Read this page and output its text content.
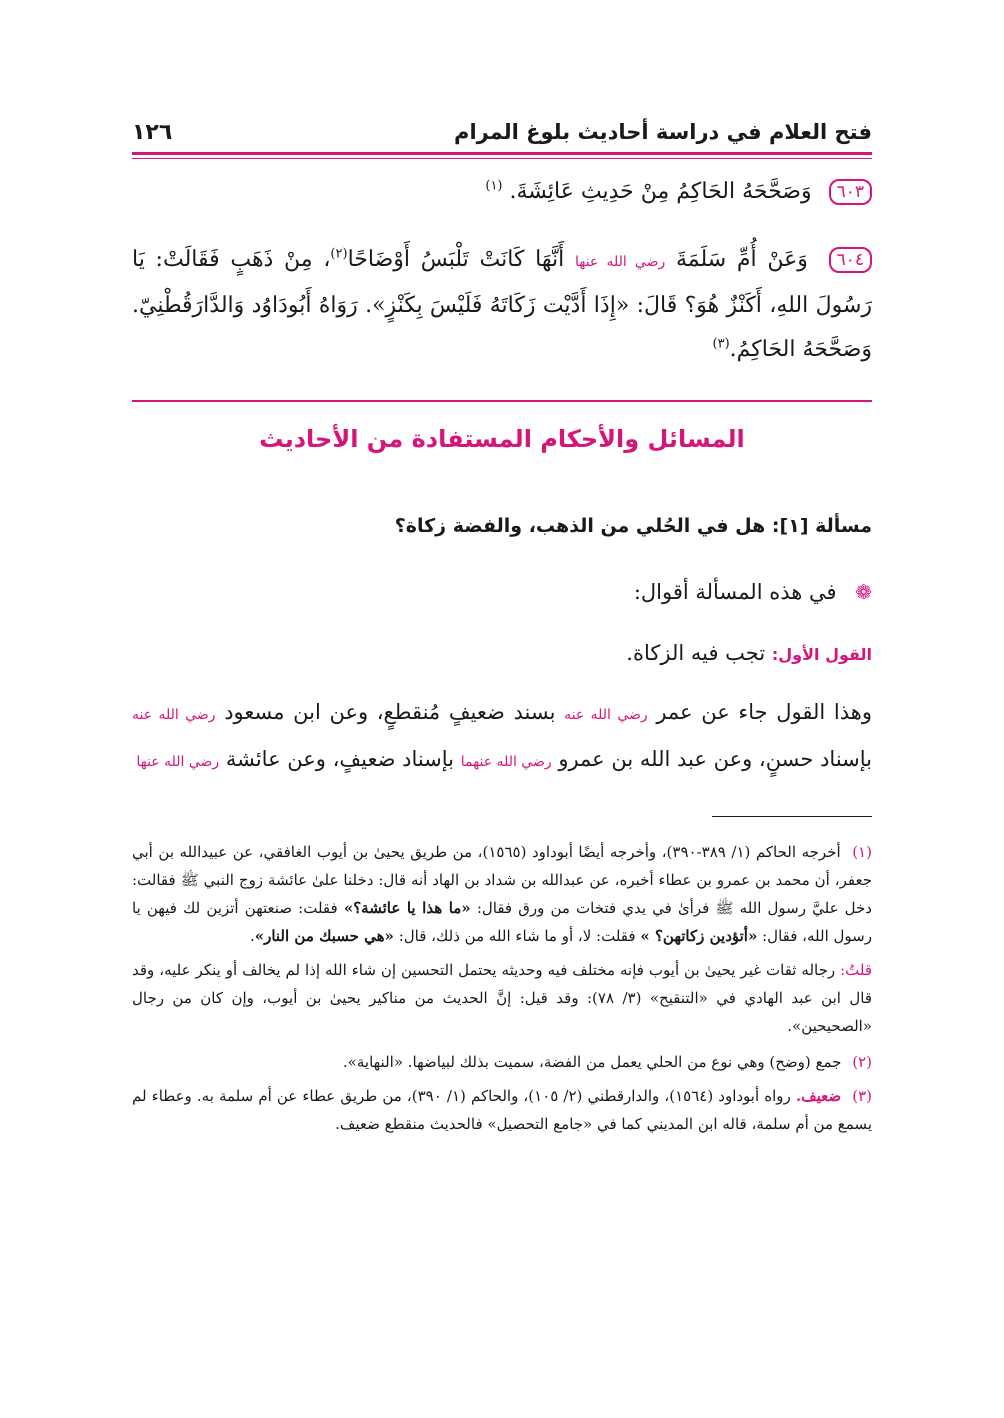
فتح العلام في دراسة أحاديث بلوغ المرام
١٢٦
٦٠٣ وَصَحَّحَهُ الحَاكِمُ مِنْ حَدِيثِ عَائِشَةَ. $^{(١)}$
٦٠٤ وَعَنْ أُمِّ سَلَمَةَ رضي الله عنها أَنَّهَا كَانَتْ تَلْبَسُ أَوْضَاحًا$^{(٢)}$، مِنْ ذَهَبٍ فَقَالَتْ: يَا رَسُولَ اللهِ، أَكَنْزٌ هُوَ؟ قَالَ: «إِذَا أَدَّيْت زَكَاتَهُ فَلَيْسَ بِكَنْزٍ». رَوَاهُ أَبُودَاوُد وَالدَّارَقُطْنِيّ. وَصَحَّحَهُ الحَاكِمُ.$^{(٣)}$
المسائل والأحكام المستفادة من الأحاديث
مسألة [١]: هل في الحُلي من الذهب، والفضة زكاة؟
❁ في هذه المسألة أقوال:
القول الأول: تجب فيه الزكاة.
وهذا القول جاء عن عمر رضي الله عنه بسند ضعيفٍ مُنقطعٍ، وعن ابن مسعود رضي الله عنه بإسناد حسنٍ، وعن عبد الله بن عمرو رضي الله عنهما بإسناد ضعيفٍ، وعن عائشة رضي الله عنها
(١) أخرجه الحاكم (١/ ٣٨٩-٣٩٠)، وأخرجه أيضًا أبوداود (١٥٦٥)، من طريق يحيىٰ بن أيوب الغافقي، عن عبيدالله بن أبي جعفر، أن محمد بن عمرو بن عطاء أخبره، عن عبدالله بن شداد بن الهاد أنه قال: دخلنا علىٰ عائشة زوج النبي ﷺ فقالت: دخل عليَّ رسول الله ﷺ فرأىٰ في يدي فتخات من ورق فقال: «ما هذا يا عائشة؟» فقلت: صنعتهن أتزين لك فيهن يا رسول الله، فقال: «أتؤدين زكاتهن؟ » فقلت: لا، أو ما شاء الله من ذلك، قال: «هي حسبك من النار».
قلتُ: رجاله ثقات غير يحيىٰ بن أيوب فإنه مختلف فيه وحديثه يحتمل التحسين إن شاء الله إذا لم يخالف أو ينكر عليه، وقد قال ابن عبد الهادي في «التنقيح» (٣/ ٧٨): وقد قيل: إنَّ الحديث من مناكير يحيىٰ بن أيوب، وإن كان من رجال «الصحيحين».
(٢) جمع (وضح) وهي نوع من الحلي يعمل من الفضة، سميت بذلك لبياضها. «النهاية».
(٣) ضعيف. رواه أبوداود (١٥٦٤)، والدارقطني (٢/ ١٠٥)، والحاكم (١/ ٣٩٠)، من طريق عطاء عن أم سلمة به. وعطاء لم يسمع من أم سلمة، قاله ابن المديني كما في «جامع التحصيل» فالحديث منقطع ضعيف.
